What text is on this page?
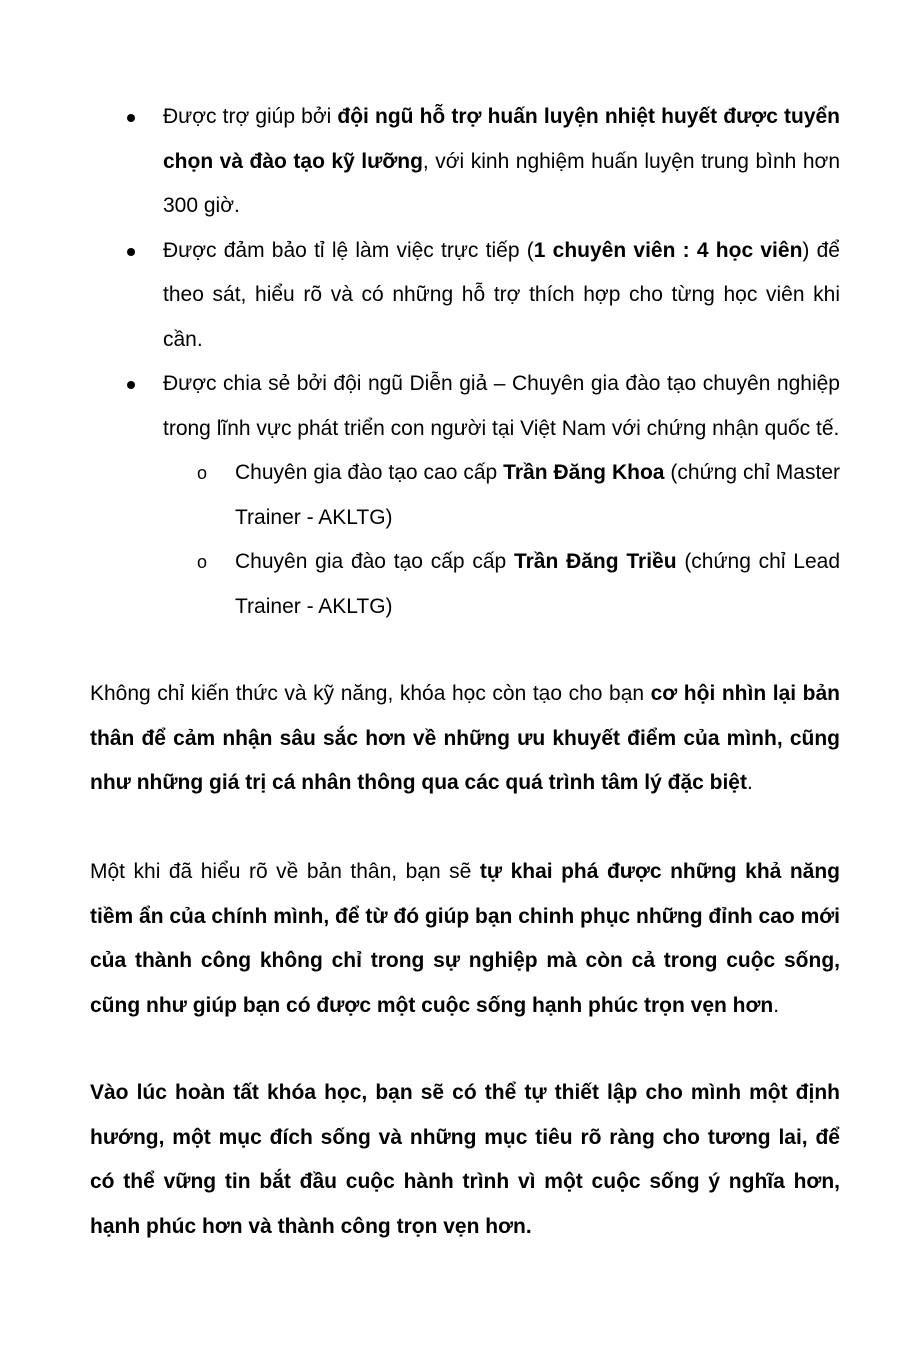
Được trợ giúp bởi đội ngũ hỗ trợ huấn luyện nhiệt huyết được tuyển chọn và đào tạo kỹ lưỡng, với kinh nghiệm huấn luyện trung bình hơn 300 giờ.
Được đảm bảo tỉ lệ làm việc trực tiếp (1 chuyên viên : 4 học viên) để theo sát, hiểu rõ và có những hỗ trợ thích hợp cho từng học viên khi cần.
Được chia sẻ bởi đội ngũ Diễn giả – Chuyên gia đào tạo chuyên nghiệp trong lĩnh vực phát triển con người tại Việt Nam với chứng nhận quốc tế.
o Chuyên gia đào tạo cao cấp Trần Đăng Khoa (chứng chỉ Master Trainer - AKLTG)
o Chuyên gia đào tạo cấp cấp Trần Đăng Triều (chứng chỉ Lead Trainer - AKLTG)

Không chỉ kiến thức và kỹ năng, khóa học còn tạo cho bạn cơ hội nhìn lại bản thân để cảm nhận sâu sắc hơn về những ưu khuyết điểm của mình, cũng như những giá trị cá nhân thông qua các quá trình tâm lý đặc biệt.

Một khi đã hiểu rõ về bản thân, bạn sẽ tự khai phá được những khả năng tiềm ẩn của chính mình, để từ đó giúp bạn chinh phục những đỉnh cao mới của thành công không chỉ trong sự nghiệp mà còn cả trong cuộc sống, cũng như giúp bạn có được một cuộc sống hạnh phúc trọn vẹn hơn.

Vào lúc hoàn tất khóa học, bạn sẽ có thể tự thiết lập cho mình một định hướng, một mục đích sống và những mục tiêu rõ ràng cho tương lai, để có thể vững tin bắt đầu cuộc hành trình vì một cuộc sống ý nghĩa hơn, hạnh phúc hơn và thành công trọn vẹn hơn.
